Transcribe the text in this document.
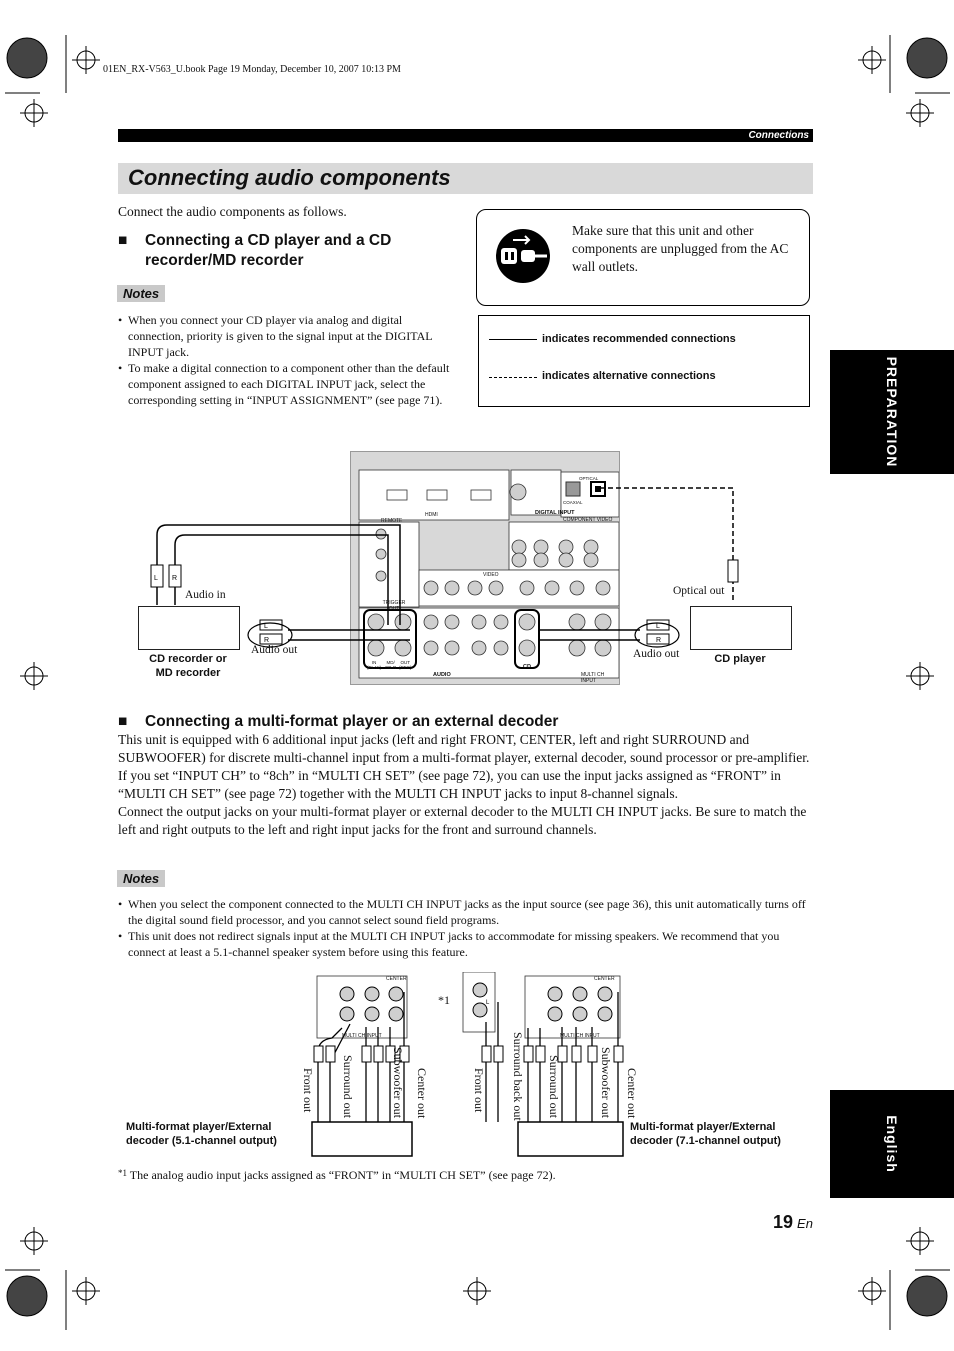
01EN_RX-V563_U.book Page 19 Monday, December 10, 2007 10:13 PM
Connections
Connecting audio components
Connect the audio components as follows.
■ Connecting a CD player and a CD recorder/MD recorder
Notes
• When you connect your CD player via analog and digital connection, priority is given to the signal input at the DIGITAL INPUT jack.
• To make a digital connection to a component other than the default component assigned to each DIGITAL INPUT jack, select the corresponding setting in “INPUT ASSIGNMENT” (see page 71).
Make sure that this unit and other components are unplugged from the AC wall outlets.
indicates recommended connections
indicates alternative connections	PREPARATION
English
DIGITAL INPUT
AUDIO
CD
HDMI
REMOTE	COMPONENT VIDEO
VIDEO
TRIGGER OUT
MULTI CH INPUT
OPTICAL
COAXIAL
IN
(PLAY)
MD/
CD-R
OUT
(REC)
L R
L
R
L
R
Audio in
Audio out
Optical out
Audio out
CD recorder or
MD recorder
CD player
■ Connecting a multi-format player or an external decoder
This unit is equipped with 6 additional input jacks (left and right FRONT, CENTER, left and right SURROUND and SUBWOOFER) for discrete multi-channel input from a multi-format player, external decoder, sound processor or pre-amplifier.
If you set “INPUT CH” to “8ch” in “MULTI CH SET” (see page 72), you can use the input jacks assigned as “FRONT” in “MULTI CH SET” (see page 72) together with the MULTI CH INPUT jacks to input 8-channel signals.
Connect the output jacks on your multi-format player or external decoder to the MULTI CH INPUT jacks. Be sure to match the left and right outputs to the left and right input jacks for the front and surround channels.
Notes
• When you select the component connected to the MULTI CH INPUT jacks as the input source (see page 36), this unit automatically turns off the digital sound field processor, and you cannot select sound field programs.
• This unit does not redirect signals input at the MULTI CH INPUT jacks to accommodate for missing speakers. We recommend that you connect at least a 5.1-channel speaker system before using this feature.
L
CENTER	CENTER
MULTI CH INPUT	MULTI CH INPUT
*1
Front out Surround out	Subwoofer out Center out	Front out Surround back out Surround out	Subwoofer out Center out
Multi-format player/External decoder (5.1-channel output)
Multi-format player/External decoder (7.1-channel output)
$^{*1}$ The analog audio input jacks assigned as “FRONT” in “MULTI CH SET” (see page 72).
19 En
